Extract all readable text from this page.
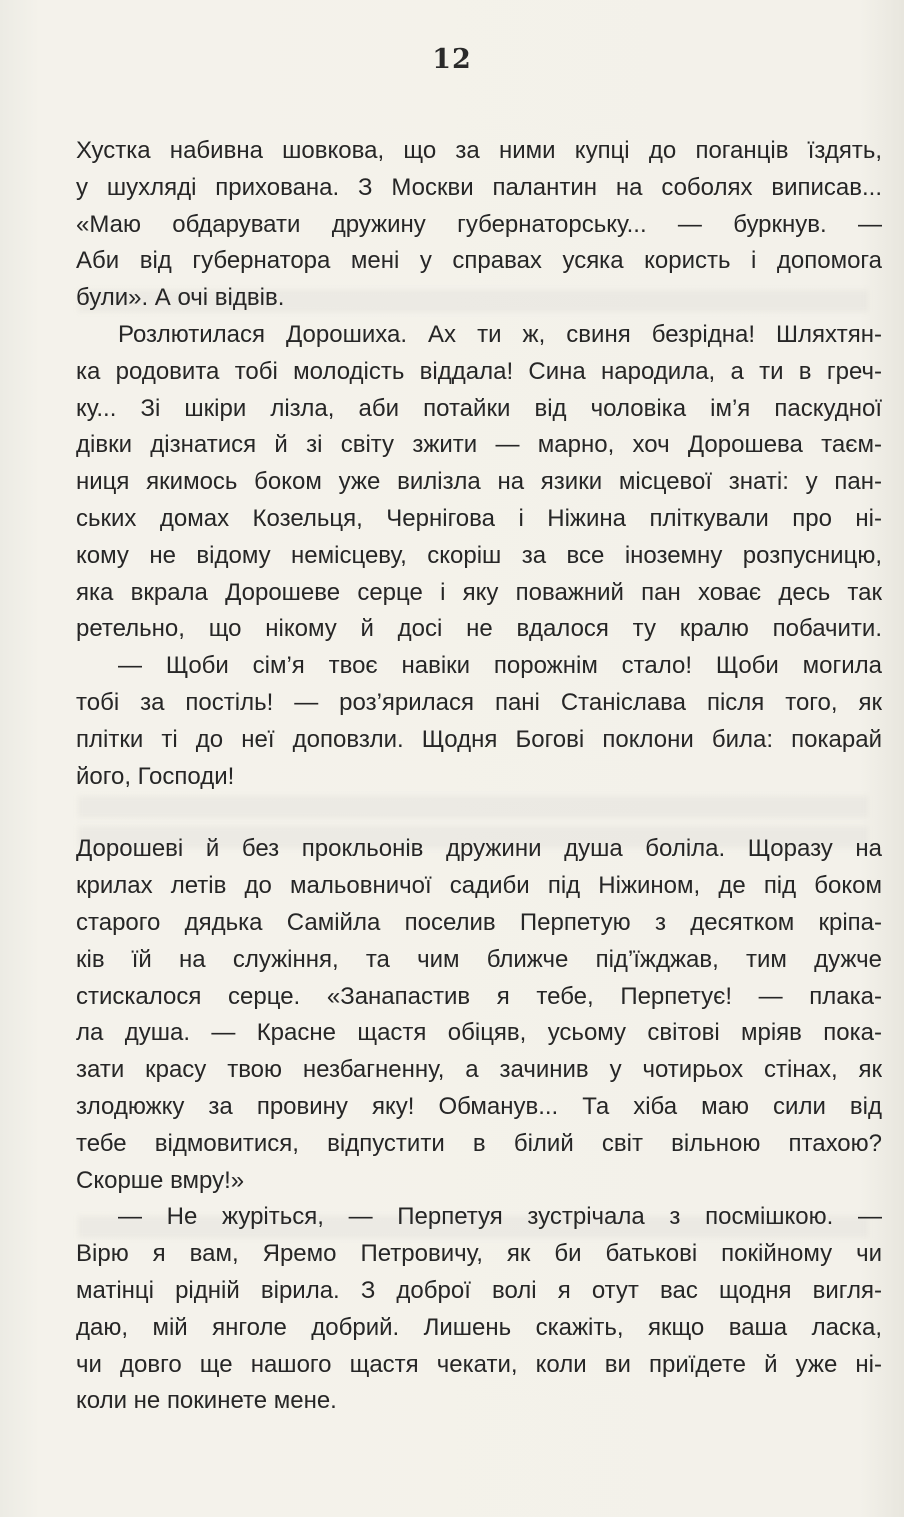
12
Хустка набивна шовкова, що за ними купці до поганців їздять,
у шухляді прихована. З Москви палантин на соболях виписав...
«Маю обдарувати дружину губернаторську... — буркнув. —
Аби від губернатора мені у справах усяка користь і допомога
були». А очі відвів.
Розлютилася Дорошиха. Ах ти ж, свиня безрідна! Шляхтян-
ка родовита тобі молодість віддала! Сина народила, а ти в греч-
ку... Зі шкіри лізла, аби потайки від чоловіка ім’я паскудної
дівки дізнатися й зі світу зжити — марно, хоч Дорошева таєм-
ниця якимось боком уже вилізла на язики місцевої знаті: у пан-
ських домах Козельця, Чернігова і Ніжина пліткували про ні-
кому не відому немісцеву, скоріш за все іноземну розпусницю,
яка вкрала Дорошеве серце і яку поважний пан ховає десь так
ретельно, що нікому й досі не вдалося ту кралю побачити.
— Щоби сім’я твоє навіки порожнім стало! Щоби могила
тобі за постіль! — роз’ярилася пані Станіслава після того, як
плітки ті до неї доповзли. Щодня Богові поклони била: покарай
його, Господи!
Дорошеві й без прокльонів дружини душа боліла. Щоразу на
крилах летів до мальовничої садиби під Ніжином, де під боком
старого дядька Самійла поселив Перпетую з десятком кріпа-
ків їй на служіння, та чим ближче під’їжджав, тим дужче
стискалося серце. «Занапастив я тебе, Перпетує! — плака-
ла душа. — Красне щастя обіцяв, усьому світові мріяв пока-
зати красу твою незбагненну, а зачинив у чотирьох стінах, як
злодюжку за провину яку! Обманув... Та хіба маю сили від
тебе відмовитися, відпустити в білий світ вільною птахою?
Скорше вмру!»
— Не журіться, — Перпетуя зустрічала з посмішкою. —
Вірю я вам, Яремо Петровичу, як би батькові покійному чи
матінці рідній вірила. З доброї волі я отут вас щодня вигля-
даю, мій янголе добрий. Лишень скажіть, якщо ваша ласка,
чи довго ще нашого щастя чекати, коли ви приїдете й уже ні-
коли не покинете мене.
